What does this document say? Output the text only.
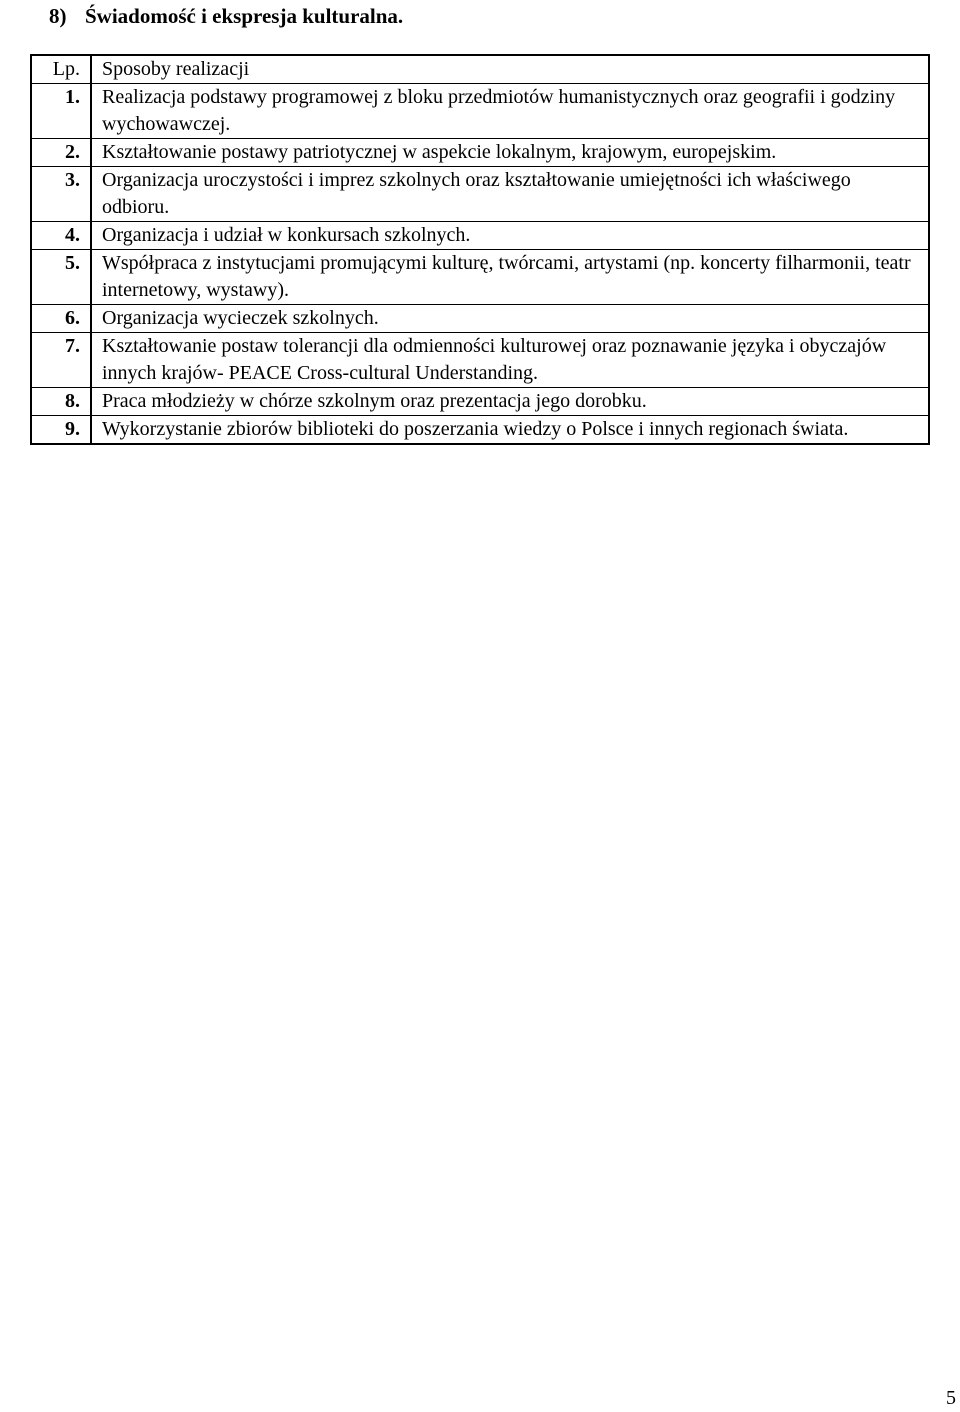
8) Świadomość i ekspresja kulturalna.
Lp.	Sposoby realizacji
1.	Realizacja podstawy programowej z bloku przedmiotów humanistycznych oraz geografii i godziny wychowawczej.
2.	Kształtowanie postawy patriotycznej w aspekcie lokalnym, krajowym, europejskim.
3.	Organizacja uroczystości i imprez szkolnych oraz kształtowanie umiejętności ich właściwego odbioru.
4.	Organizacja i udział w konkursach szkolnych.
5.	Współpraca z instytucjami promującymi kulturę, twórcami, artystami (np. koncerty filharmonii, teatr internetowy, wystawy).
6.	Organizacja wycieczek szkolnych.
7.	Kształtowanie postaw tolerancji dla odmienności kulturowej oraz poznawanie języka i obyczajów innych krajów- PEACE Cross-cultural Understanding.
8.	Praca młodzieży w chórze szkolnym oraz prezentacja jego dorobku.
9.	Wykorzystanie zbiorów biblioteki do poszerzania wiedzy o Polsce i innych regionach świata.
5
